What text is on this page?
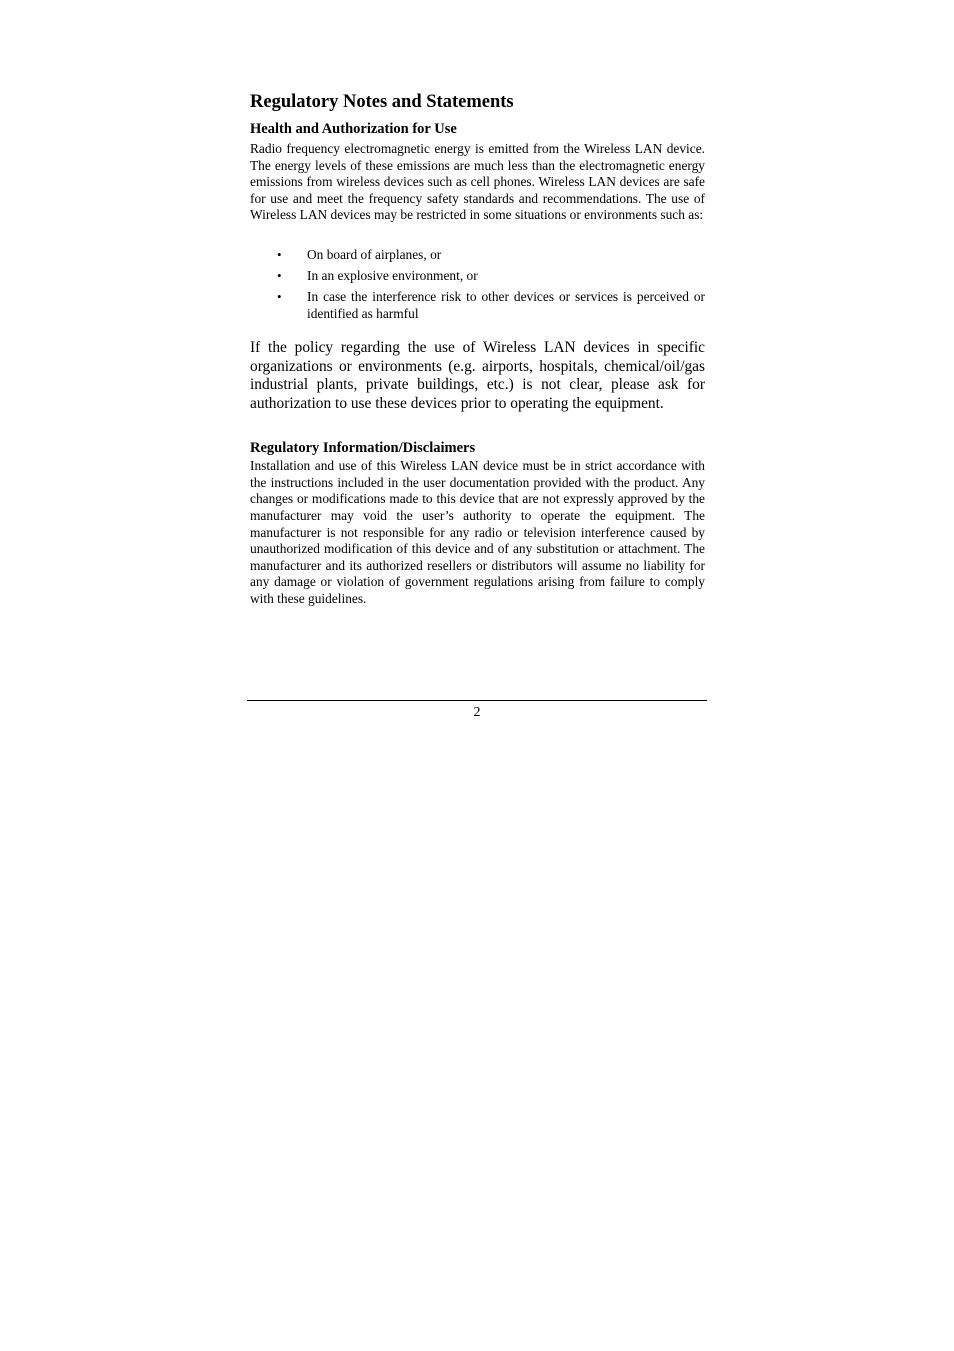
Regulatory Notes and Statements
Health and Authorization for Use

Radio frequency electromagnetic energy is emitted from the Wireless LAN device. The energy levels of these emissions are much less than the electromagnetic energy emissions from wireless devices such as cell phones. Wireless LAN devices are safe for use and meet the frequency safety standards and recommendations. The use of Wireless LAN devices may be restricted in some situations or environments such as:

• On board of airplanes, or
• In an explosive environment, or
• In case the interference risk to other devices or services is perceived or identified as harmful

If the policy regarding the use of Wireless LAN devices in specific organizations or environments (e.g. airports, hospitals, chemical/oil/gas industrial plants, private buildings, etc.) is not clear, please ask for authorization to use these devices prior to operating the equipment.

Regulatory Information/Disclaimers

Installation and use of this Wireless LAN device must be in strict accordance with the instructions included in the user documentation provided with the product. Any changes or modifications made to this device that are not expressly approved by the manufacturer may void the user’s authority to operate the equipment. The manufacturer is not responsible for any radio or television interference caused by unauthorized modification of this device and of any substitution or attachment. The manufacturer and its authorized resellers or distributors will assume no liability for any damage or violation of government regulations arising from failure to comply with these guidelines.

2
